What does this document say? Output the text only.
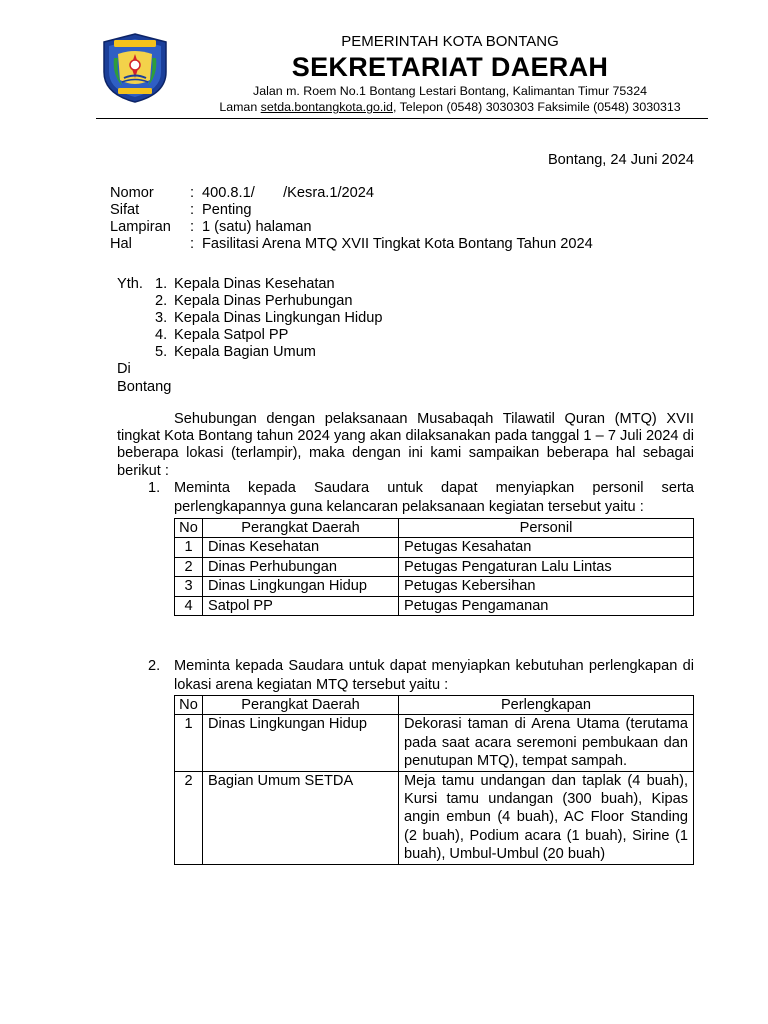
PEMERINTAH KOTA BONTANG
SEKRETARIAT DAERAH
Jalan m. Roem No.1 Bontang Lestari Bontang, Kalimantan Timur 75324
Laman setda.bontangkota.go.id, Telepon (0548) 3030303 Faksimile (0548) 3030313
Bontang, 24 Juni 2024
Nomor : 400.8.1/       /Kesra.1/2024
Sifat	: Penting
Lampiran : 1 (satu) halaman
Hal	: Fasilitasi Arena MTQ XVII Tingkat Kota Bontang Tahun 2024
Yth. 1. Kepala Dinas Kesehatan
2. Kepala Dinas Perhubungan
3. Kepala Dinas Lingkungan Hidup
4. Kepala Satpol PP
5. Kepala Bagian Umum
Di
Bontang
Sehubungan dengan pelaksanaan Musabaqah Tilawatil Quran (MTQ) XVII tingkat Kota Bontang tahun 2024 yang akan dilaksanakan pada tanggal 1 – 7 Juli 2024 di beberapa lokasi (terlampir), maka dengan ini kami sampaikan beberapa hal sebagai berikut :
1. Meminta kepada Saudara untuk dapat menyiapkan personil serta perlengkapannya guna kelancaran pelaksanaan kegiatan tersebut yaitu :
No	Perangkat Daerah	Personil
1	Dinas Kesehatan	Petugas Kesahatan
2	Dinas Perhubungan	Petugas Pengaturan Lalu Lintas
3	Dinas Lingkungan Hidup	Petugas Kebersihan
4	Satpol PP	Petugas Pengamanan
2. Meminta kepada Saudara untuk dapat menyiapkan kebutuhan perlengkapan di lokasi arena kegiatan MTQ tersebut yaitu :
No	Perangkat Daerah	Perlengkapan
1	Dinas Lingkungan Hidup	Dekorasi taman di Arena Utama (terutama pada saat acara seremoni pembukaan dan penutupan MTQ), tempat sampah.
2	Bagian Umum SETDA	Meja tamu undangan dan taplak (4 buah), Kursi tamu undangan (300 buah), Kipas angin embun (4 buah), AC Floor Standing (2 buah), Podium acara (1 buah), Sirine (1 buah), Umbul-Umbul (20 buah)
